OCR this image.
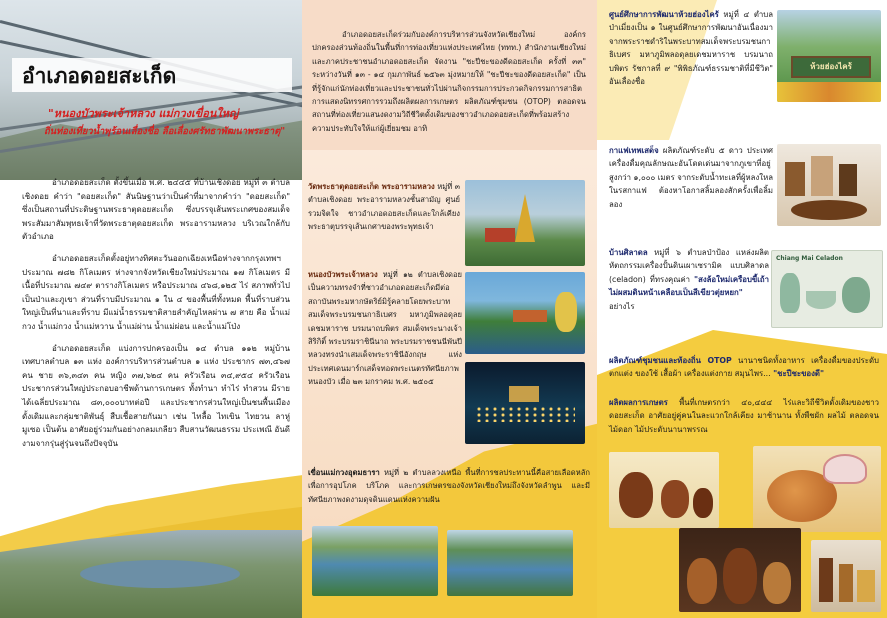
อำเภอดอยสะเก็ด
"หนองบัวพระเจ้าหลวง แม่กวงเขื่อนใหญ่
ถิ่นท่องเที่ยวน้ำพุร้อนเลื่องชื่อ ลือเลื่องศรัทธาพัฒนาพระธาตุ"

อำเภอดอยสะเก็ด ตั้งขึ้นเมื่อ พ.ศ. ๒๔๔๕ ที่บ้านเชิงดอย หมู่ที่ ๓ ตำบลเชิงดอย คำว่า "ดอยสะเก็ด" สันนิษฐานว่าเป็นคำที่มาจากคำว่า "ดอยสะเก็ด" ซึ่งเป็นสถานที่ประดิษฐานพระธาตุดอยสะเก็ด ซึ่งบรรจุเส้นพระเกศของสมเด็จพระสัมมาสัมพุทธเจ้าที่วัดพระธาตุดอยสะเก็ด พระอารามหลวง บริเวณใกล้กับตัวอำเภอ

อำเภอดอยสะเก็ดตั้งอยู่ทางทิศตะวันออกเฉียงเหนือห่างจากกรุงเทพฯประมาณ ๗๘๒ กิโลเมตร ห่างจากจังหวัดเชียงใหม่ประมาณ ๑๗ กิโลเมตร มีเนื้อที่ประมาณ ๗๔๙ ตารางกิโลเมตร หรือประมาณ ๔๖๘,๑๒๕ ไร่ สภาพทั่วไปเป็นป่าและภูเขา ส่วนที่ราบมีประมาณ ๑ ใน ๔ ของพื้นที่ทั้งหมด พื้นที่ราบส่วนใหญ่เป็นที่นาและที่ราบ มีแม่น้ำธรรมชาติสายสำคัญไหลผ่าน ๗ สาย คือ น้ำแม่กวง น้ำแม่กวง น้ำแม่หวาน น้ำแม่ผ่าน น้ำแม่ผ่อน และน้ำแม่โป่ง

อำเภอดอยสะเก็ด แบ่งการปกครองเป็น ๑๔ ตำบล ๑๑๒ หมู่บ้าน เทศบาลตำบล ๑๓ แห่ง องค์การบริหารส่วนตำบล ๑ แห่ง ประชากร ๗๓,๔๖๗ คน ชาย ๓๖,๓๔๓ คน หญิง ๓๗,๖๒๔ คน ครัวเรือน ๓๔,๙๕๔ ครัวเรือน ประชากรส่วนใหญ่ประกอบอาชีพด้านการเกษตร ทั้งทำนา ทำไร่ ทำสวน มีรายได้เฉลี่ยประมาณ ๘๓,๐๐๐บาทต่อปี และประชากรส่วนใหญ่เป็นชนพื้นเมืองดั้งเดิมและกลุ่มชาติพันธุ์ สืบเชื้อสายกันมา เช่น ไทลื้อ ไทเขิน ไทยวน ลาหู่ มูเซอ เป็นต้น อาศัยอยู่ร่วมกันอย่างกลมเกลียว สืบสานวัฒนธรรม ประเพณี อันดีงามจากรุ่นสู่รุ่นจนถึงปัจจุบัน

อำเภอดอยสะเก็ดร่วมกับองค์การบริหารส่วนจังหวัดเชียงใหม่ องค์กรปกครองส่วนท้องถิ่นในพื้นที่การท่องเที่ยวแห่งประเทศไทย (ททท.) สำนักงานเชียงใหม่และภาคประชาชนอำเภอดอยสะเก็ด จัดงาน "ชะปีชะของดีดอยสะเก็ด ครั้งที่ ๓๓" ระหว่างวันที่ ๑๓ - ๑๔ กุมภาพันธ์ ๒๕๖๓ มุ่งหมายให้ "ชะปีชะของดีดอยสะเก็ด" เป็นที่รู้จักแก่นักท่องเที่ยวและประชาชนทั่วไปผ่านกิจกรรมการประกวดกิจกรรมการสาธิตการแสดงนิทรรศการรวมถึงผลิตผลการเกษตร ผลิตภัณฑ์ชุมชน (OTOP) ตลอดจนสถานที่ท่องเที่ยวแสนงดงามวิถีชีวิตดั้งเดิมของชาวอำเภอดอยสะเก็ดที่พร้อมสร้างความประทับใจให้แก่ผู้เยี่ยมชม อาทิ
วัดพระธาตุดอยสะเก็ด พระอารามหลวง หมู่ที่ ๓ ตำบลเชิงดอย พระอารามหลวงชั้นสามัญ ศูนย์รวมจิตใจ ชาวอำเภอดอยสะเก็ดและใกล้เคียง พระธาตุบรรจุเส้นเกศาของพระพุทธเจ้า
หนองบัวพระเจ้าหลวง หมู่ที่ ๑๒ ตำบลเชิงดอย เป็นความทรงจำที่ชาวอำเภอดอยสะเก็ดมีต่อสถาบันพระมหากษัตริย์มิรู้คลายโดยพระบาทสมเด็จพระบรมชนกาธิเบศร มหาภูมิพลอดุลยเดชมหาราช บรมนาถบพิตร สมเด็จพระนางเจ้าสิริกิติ์ พระบรมราชินีนาถ พระบรมราชชนนีพันปีหลวงทรงนำเสมเด็จพระราชินีอังกฤษ แห่งประเทศเดนมาร์กเสด็จทอดพระเนตรทัศนียภาพหนองบัว เมื่อ ๒๓ มกราคม พ.ศ. ๒๕๐๕
เขื่อนแม่กวงอุดมธารา หมู่ที่ ๒ ตำบลลวงเหนือ พื้นที่การชลประทานนี้คือสายเลือดหลักเพื่อการอุปโภค บริโภค และการเกษตรของจังหวัดเชียงใหม่ถึงจังหวัดลำพูน และมีทัศนียภาพงดงามดุจดินแดนแห่งความฝัน
ศูนย์ศึกษาการพัฒนาห้วยฮ่องไคร้ หมู่ที่ ๔ ตำบลป่าเมี่ยงเป็น ๑ ในศูนย์ศึกษาการพัฒนาอันเนื่องมาจากพระราชดำริในพระบาทสมเด็จพระบรมชนกาธิเบศร มหาภูมิพลอดุลยเดชมหาราช บรมนาถบพิตร รัชกาลที่ ๙ "พิพิธภัณฑ์ธรรมชาติที่มีชีวิต" อันเลื่องชื่อ
ห้วยฮ่องไคร้
กาแฟเทพเสด็จ ผลิตภัณฑ์ระดับ ๕ ดาว ประเทศเครื่องดื่มคุณลักษณะอันโดดเด่นมาจากภูเขาที่อยู่สูงกว่า ๑,๐๐๐ เมตร จากระดับน้ำทะเลที่ผู้หลงใหลในรสกาแฟ ต้องหาโอกาสลิ้มลองสักครั้งเพื่อลิ้มลอง
บ้านศิลาดล หมู่ที่ ๖ ตำบลป่าป้อง แหล่งผลิตหัตถกรรมเครื่องปั้นดินเผาเซรามิค แบบศิลาดล (celadon) ที่ทรงคุณค่า "สงล้อใหม่เครือบขี้เถ้าไม่ผสมดินหน้าเคลือบเป็นสีเขียวตุ่ยหยก" อย่างไร
Chiang Mai Celadon
ผลิตภัณฑ์ชุมชนและท้องถิ่น OTOP นานาชนิดทั้งอาหาร เครื่องดื่มของประดับตกแต่ง ของใช้ เสื้อผ้า เครื่องแต่งกาย สมุนไพร... "ชะปีชะของดี"
ผลิตผลการเกษตร พื้นที่เกษตรกว่า ๔๐,๔๔๔ ไร่และวิถีชีวิตดั้งเดิมของชาวดอยสะเก็ด อาศัยอยู่คู่คนในละแวกใกล้เคียง มาช้านาน ทั้งพืชผัก ผลไม้ ตลอดจนไม้ดอก ไม้ประดับนานาพรรณ
